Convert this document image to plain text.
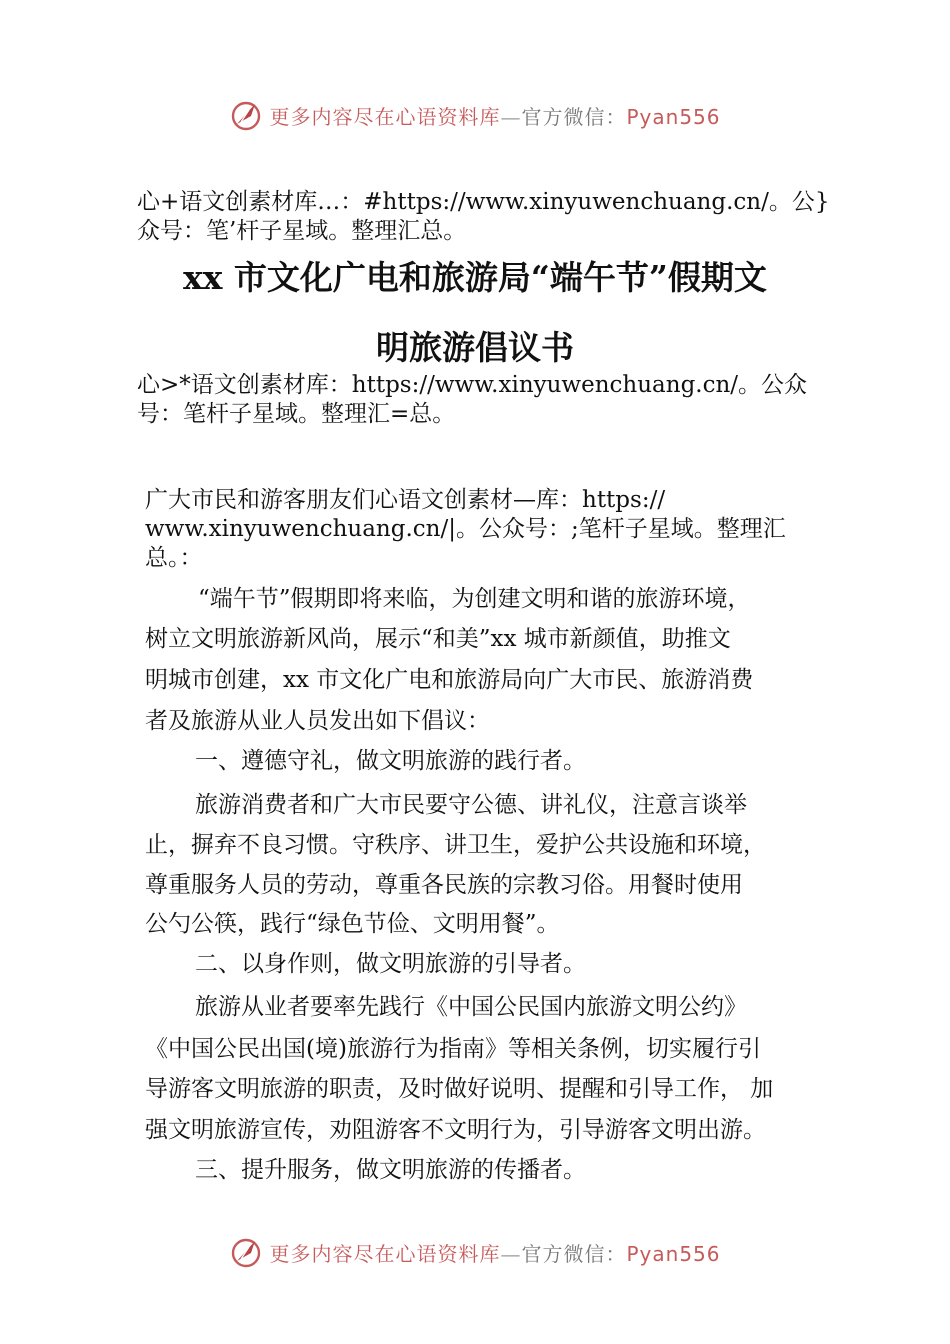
更多内容尽在心语资料库—官方微信：Pyan556
心+语文创素材库…：#https://www.xinyuwenchuang.cn/。公}
众号：笔’杆子星域。整理汇总。
xx 市文化广电和旅游局“端午节”假期文
明旅游倡议书
心>*语文创素材库：https://www.xinyuwenchuang.cn/。公众
号：笔杆子星域。整理汇=总。
广大市民和游客朋友们心语文创素材—库：https://
www.xinyuwenchuang.cn/|。公众号：;笔杆子星域。整理汇
总。：
“端午节”假期即将来临，为创建文明和谐的旅游环境，
树立文明旅游新风尚，展示“和美”xx 城市新颜值，助推文
明城市创建，xx 市文化广电和旅游局向广大市民、旅游消费
者及旅游从业人员发出如下倡议：
一、遵德守礼，做文明旅游的践行者。
旅游消费者和广大市民要守公德、讲礼仪，注意言谈举
止，摒弃不良习惯。守秩序、讲卫生，爱护公共设施和环境，
尊重服务人员的劳动，尊重各民族的宗教习俗。用餐时使用
公勺公筷，践行“绿色节俭、文明用餐”。
二、以身作则，做文明旅游的引导者。
旅游从业者要率先践行《中国公民国内旅游文明公约》
《中国公民出国(境)旅游行为指南》等相关条例，切实履行引
导游客文明旅游的职责，及时做好说明、提醒和引导工作， 加
强文明旅游宣传，劝阻游客不文明行为，引导游客文明出游。
三、提升服务，做文明旅游的传播者。
更多内容尽在心语资料库—官方微信：Pyan556
